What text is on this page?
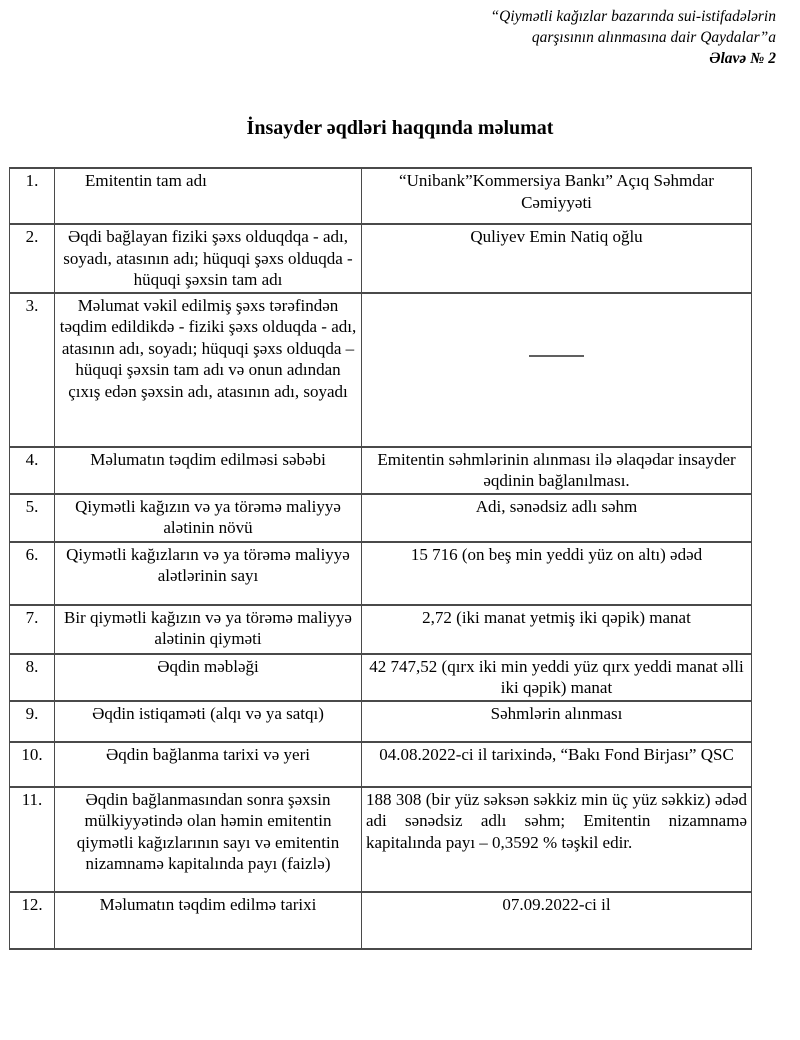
“Qiymətli kağızlar bazarında sui-istifadələrin
qarşısının alınmasına dair Qaydalar”a
Əlavə № 2
İnsayder əqdləri haqqında məlumat
1.	Emitentin tam adı	“Unibank”Kommersiya Bankı” Açıq Səhmdar Cəmiyyəti
2.	Əqdi bağlayan fiziki şəxs olduqdqa - adı, soyadı, atasının adı; hüquqi şəxs olduqda - hüquqi şəxsin tam adı	Quliyev Emin Natiq oğlu
3.	Məlumat vəkil edilmiş şəxs tərəfindən təqdim edildikdə - fiziki şəxs olduqda - adı, atasının adı, soyadı; hüquqi şəxs olduqda – hüquqi şəxsin tam adı və onun adından çıxış edən şəxsin adı, atasının adı, soyadı	

4.	Məlumatın təqdim edilməsi səbəbi	Emitentin səhmlərinin alınması ilə əlaqədar insayder əqdinin bağlanılması.
5.	Qiymətli kağızın və ya törəmə maliyyə alətinin növü	Adi, sənədsiz adlı səhm
6.	Qiymətli kağızların və ya törəmə maliyyə alətlərinin sayı	15 716 (on beş min yeddi yüz on altı) ədəd
7.	Bir qiymətli kağızın və ya törəmə maliyyə alətinin qiyməti	2,72 (iki manat yetmiş iki qəpik) manat
8.	Əqdin məbləği	42 747,52 (qırx iki min yeddi yüz qırx yeddi manat əlli iki qəpik) manat
9.	Əqdin istiqaməti (alqı və ya satqı)	Səhmlərin alınması
10.	Əqdin bağlanma tarixi və yeri	04.08.2022-ci il tarixində, “Bakı Fond Birjası” QSC
11.	Əqdin bağlanmasından sonra şəxsin mülkiyyətində olan həmin emitentin qiymətli kağızlarının sayı və emitentin nizamnamə kapitalında payı (faizlə)	188 308 (bir yüz səksən səkkiz min üç yüz səkkiz) ədəd adi sənədsiz adlı səhm; Emitentin nizamnamə kapitalında payı – 0,3592 % təşkil edir.
12.	Məlumatın təqdim edilmə tarixi	07.09.2022-ci il
